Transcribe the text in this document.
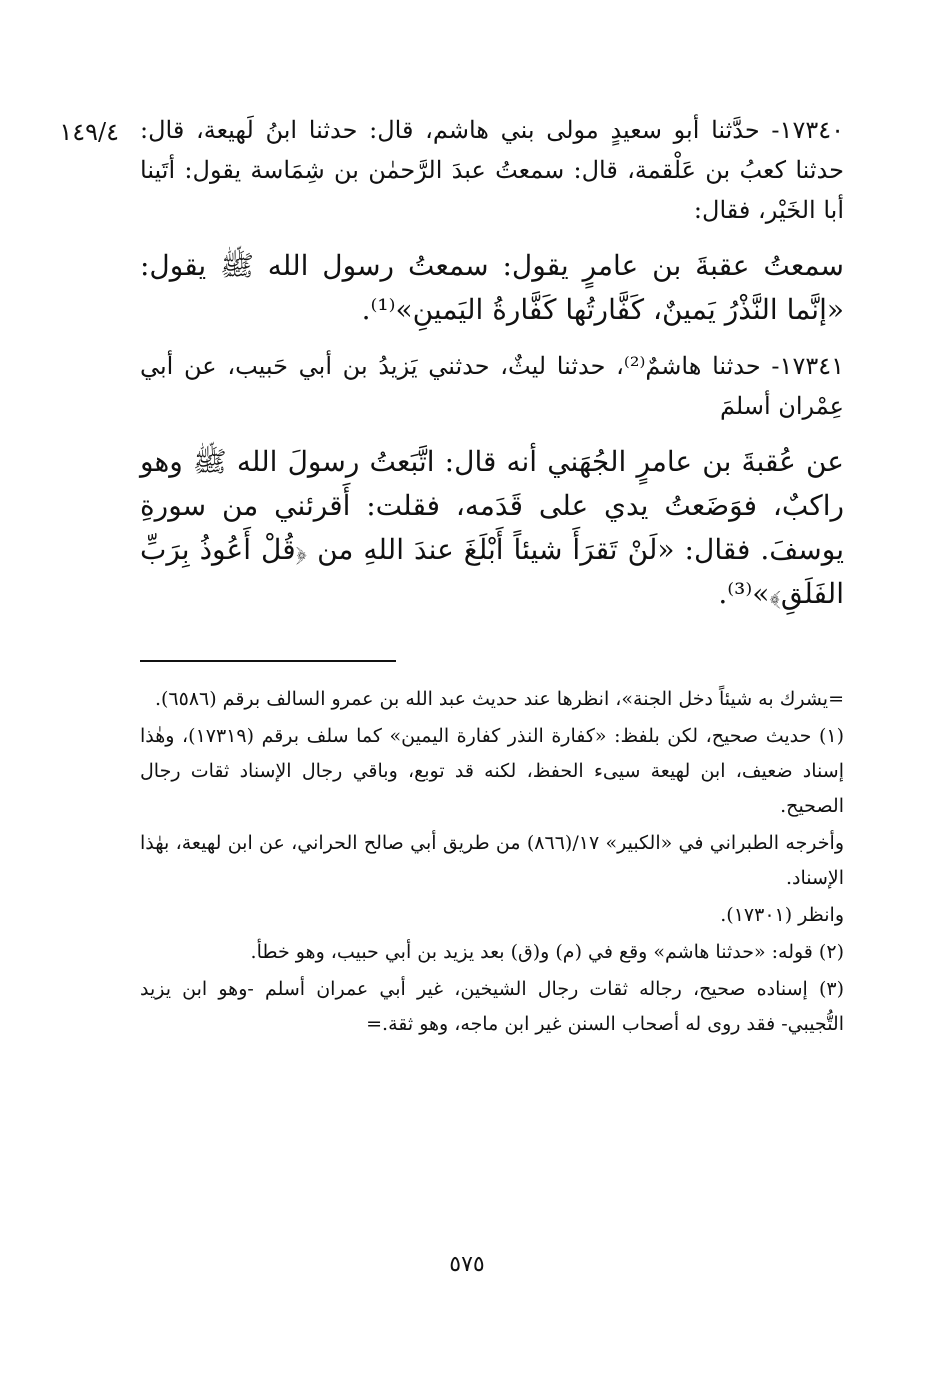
١٤٩/٤ ١٧٣٤٠- حدَّثنا أبو سعيدٍ مولى بني هاشم، قال: حدثنا ابنُ لَهيعة، قال: حدثنا كعبُ بن عَلْقمة، قال: سمعتُ عبدَ الرَّحمٰن بن شِمَاسة يقول: أتَينا أبا الخَيْر، فقال:

سمعتُ عقبةَ بن عامرٍ يقول: سمعتُ رسول الله ﷺ يقول: «إنَّما النَّذْرُ يَمينٌ، كَفَّارتُها كَفَّارةُ اليَمينِ»⁽¹⁾.

١٧٣٤١- حدثنا هاشمٌ⁽²⁾، حدثنا ليثٌ، حدثني يَزيدُ بن أبي حَبيب، عن أبي عِمْران أسلمَ

عن عُقبةَ بن عامرٍ الجُهَني أنه قال: اتَّبَعتُ رسولَ الله ﷺ وهو راكبٌ، فوَضَعتُ يدي على قَدَمه، فقلت: أَقرئني من سورةِ يوسفَ. فقال: «لَنْ تَقرَأَ شيئاً أَبْلَغَ عندَ اللهِ من ﴿قُلْ أَعُوذُ بِرَبِّ الفَلَقِ﴾»⁽³⁾.

=يشرك به شيئاً دخل الجنة»، انظرها عند حديث عبد الله بن عمرو السالف برقم (٦٥٨٦).

(١) حديث صحيح، لكن بلفظ: «كفارة النذر كفارة اليمين» كما سلف برقم (١٧٣١٩)، وهٰذا إسناد ضعيف، ابن لهيعة سيىء الحفظ، لكنه قد توبع، وباقي رجال الإسناد ثقات رجال الصحيح.

وأخرجه الطبراني في «الكبير» ١٧/(٨٦٦) من طريق أبي صالح الحراني، عن ابن لهيعة، بهٰذا الإسناد.

وانظر (١٧٣٠١).

(٢) قوله: «حدثنا هاشم» وقع في (م) و(ق) بعد يزيد بن أبي حبيب، وهو خطأ.

(٣) إسناده صحيح، رجاله ثقات رجال الشيخين، غير أبي عمران أسلم -وهو ابن يزيد التُّجيبي- فقد روى له أصحاب السنن غير ابن ماجه، وهو ثقة.=

٥٧٥
